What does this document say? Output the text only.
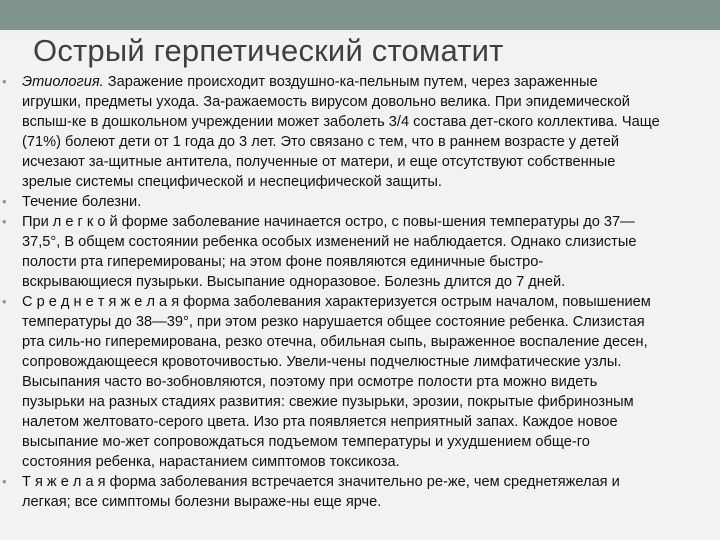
Острый герпетический стоматит
• Этиология. Заражение происходит воздушно-ка-пельным путем, через зараженные
игрушки, предметы ухода. За-ражаемость вирусом довольно велика. При эпидемической
вспыш-ке в дошкольном учреждении может заболеть 3/4 состава дет-ского коллектива. Чаще
(71%) болеют дети от 1 года до 3 лет. Это связано с тем, что в раннем возрасте у детей
исчезают за-щитные антитела, полученные от матери, и еще отсутствуют собственные
зрелые системы специфической и неспецифической защиты.
• Течение болезни.
• При л е г к о й форме заболевание начинается остро, с повы-шения температуры до 37—
37,5°, В общем состоянии ребенка особых изменений не наблюдается. Однако слизистые
полости рта гиперемированы; на этом фоне появляются единичные быстро-
вскрывающиеся пузырьки. Высыпание одноразовое. Болезнь длится до 7 дней.
• С р е д н е т я ж е л а я форма заболевания характеризуется острым началом, повышением
температуры до 38—39°, при этом резко нарушается общее состояние ребенка. Слизистая
рта силь-но гиперемирована, резко отечна, обильная сыпь, выраженное воспаление десен,
сопровождающееся кровоточивостью. Увели-чены подчелюстные лимфатические узлы.
Высыпания часто во-зобновляются, поэтому при осмотре полости рта можно видеть
пузырьки на разных стадиях развития: свежие пузырьки, эрозии, покрытые фибринозным
налетом желтовато-серого цвета. Изо рта появляется неприятный запах. Каждое новое
высыпание мо-жет сопровождаться подъемом температуры и ухудшением обще-го
состояния ребенка, нарастанием симптомов токсикоза.
• Т я ж е л а я форма заболевания встречается значительно ре-же, чем среднетяжелая и
легкая; все симптомы болезни выраже-ны еще ярче.
